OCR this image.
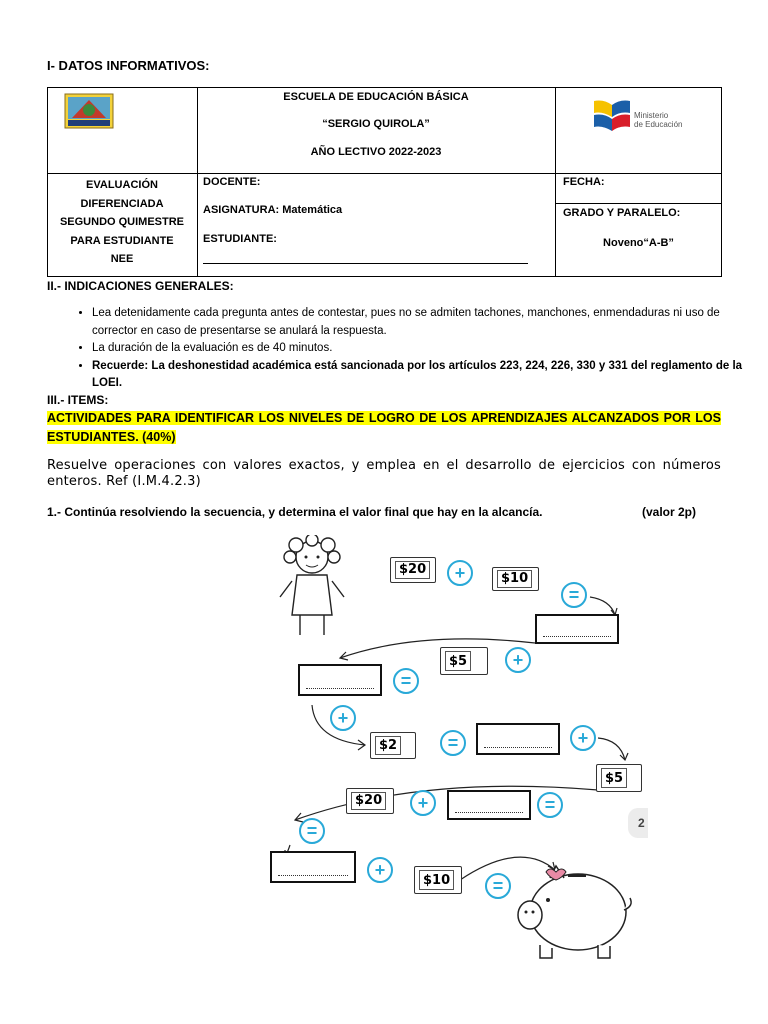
I- DATOS INFORMATIVOS:
ESCUELA DE EDUCACIÓN BÁSICA
“SERGIO QUIROLA”
AÑO LECTIVO 2022-2023
Ministerio
de Educación
EVALUACIÓN
DIFERENCIADA
SEGUNDO QUIMESTRE
PARA ESTUDIANTE
NEE
DOCENTE:
ASIGNATURA: Matemática
ESTUDIANTE:
FECHA:
GRADO Y PARALELO:
Noveno“A-B”
II.- INDICACIONES GENERALES:
• Lea detenidamente cada pregunta antes de contestar, pues no se admiten tachones, manchones, enmendaduras ni uso de corrector en caso de presentarse se anulará la respuesta.
• La duración de la evaluación es de 40 minutos.
• Recuerde: La deshonestidad académica está sancionada por los artículos 223, 224, 226, 330 y 331 del reglamento de la LOEI.
III.- ITEMS:
ACTIVIDADES PARA IDENTIFICAR LOS NIVELES DE LOGRO DE LOS APRENDIZAJES ALCANZADOS POR LOS ESTUDIANTES. (40%)
Resuelve operaciones con valores exactos, y emplea en el desarrollo de ejercicios con números enteros. Ref (I.M.4.2.3)
1.- Continúa resolviendo la secuencia, y determina el valor final que hay en la alcancía.	(valor 2p)
$20	+	$10
=
$5	+
=
+
$2	=	+
$5
$20	+	=
2
=
+
$10	=
